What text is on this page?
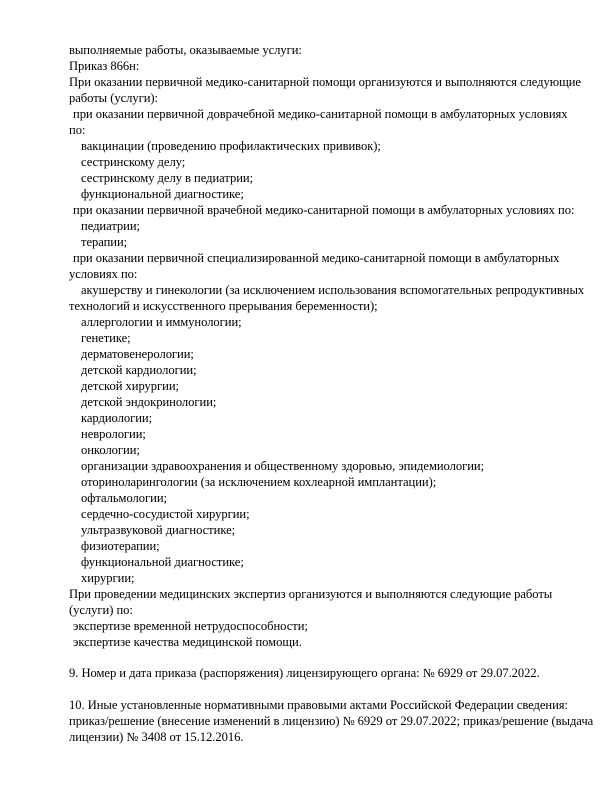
выполняемые работы, оказываемые услуги:
Приказ 866н:
При оказании первичной медико-санитарной помощи организуются и выполняются следующие
работы (услуги):
при оказании первичной доврачебной медико-санитарной помощи в амбулаторных условиях
по:
вакцинации (проведению профилактических прививок);
сестринскому делу;
сестринскому делу в педиатрии;
функциональной диагностике;
при оказании первичной врачебной медико-санитарной помощи в амбулаторных условиях по:
педиатрии;
терапии;
при оказании первичной специализированной медико-санитарной помощи в амбулаторных
условиях по:
акушерству и гинекологии (за исключением использования вспомогательных репродуктивных
технологий и искусственного прерывания беременности);
аллергологии и иммунологии;
генетике;
дерматовенерологии;
детской кардиологии;
детской хирургии;
детской эндокринологии;
кардиологии;
неврологии;
онкологии;
организации здравоохранения и общественному здоровью, эпидемиологии;
оториноларингологии (за исключением кохлеарной имплантации);
офтальмологии;
сердечно-сосудистой хирургии;
ультразвуковой диагностике;
физиотерапии;
функциональной диагностике;
хирургии;
При проведении медицинских экспертиз организуются и выполняются следующие работы
(услуги) по:
экспертизе временной нетрудоспособности;
экспертизе качества медицинской помощи.
9. Номер и дата приказа (распоряжения) лицензирующего органа: № 6929 от 29.07.2022.
10. Иные установленные нормативными правовыми актами Российской Федерации сведения:
приказ/решение (внесение изменений в лицензию) № 6929 от 29.07.2022; приказ/решение (выдача
лицензии) № 3408 от 15.12.2016.
